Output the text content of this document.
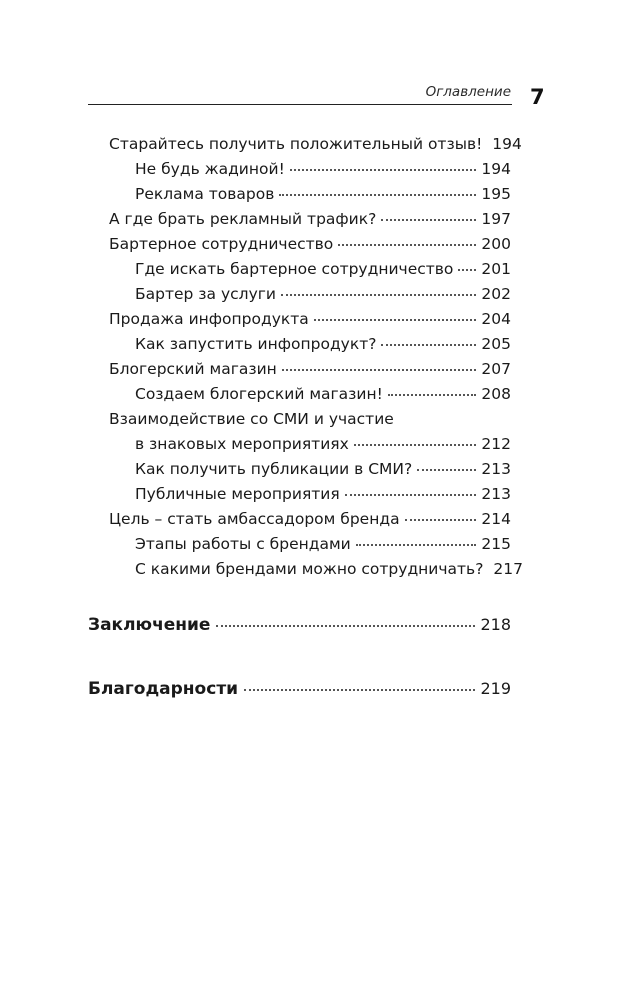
Оглавление 7
Старайтесь получить положительный отзыв! 194
Не будь жадиной!	194
Реклама товаров	195
А где брать рекламный трафик?	197
Бартерное сотрудничество	200
Где искать бартерное сотрудничество 201
Бартер за услуги	202
Продажа инфопродукта	204
Как запустить инфопродукт?	205
Блогерский магазин	207
Создаем блогерский магазин!	208
Взаимодействие со СМИ и участие
в знаковых мероприятиях	212
Как получить публикации в СМИ?	213
Публичные мероприятия	213
Цель – стать амбассадором бренда	214
Этапы работы с брендами	215
С какими брендами можно сотрудничать? 217
Заключение	218
Благодарности	219
